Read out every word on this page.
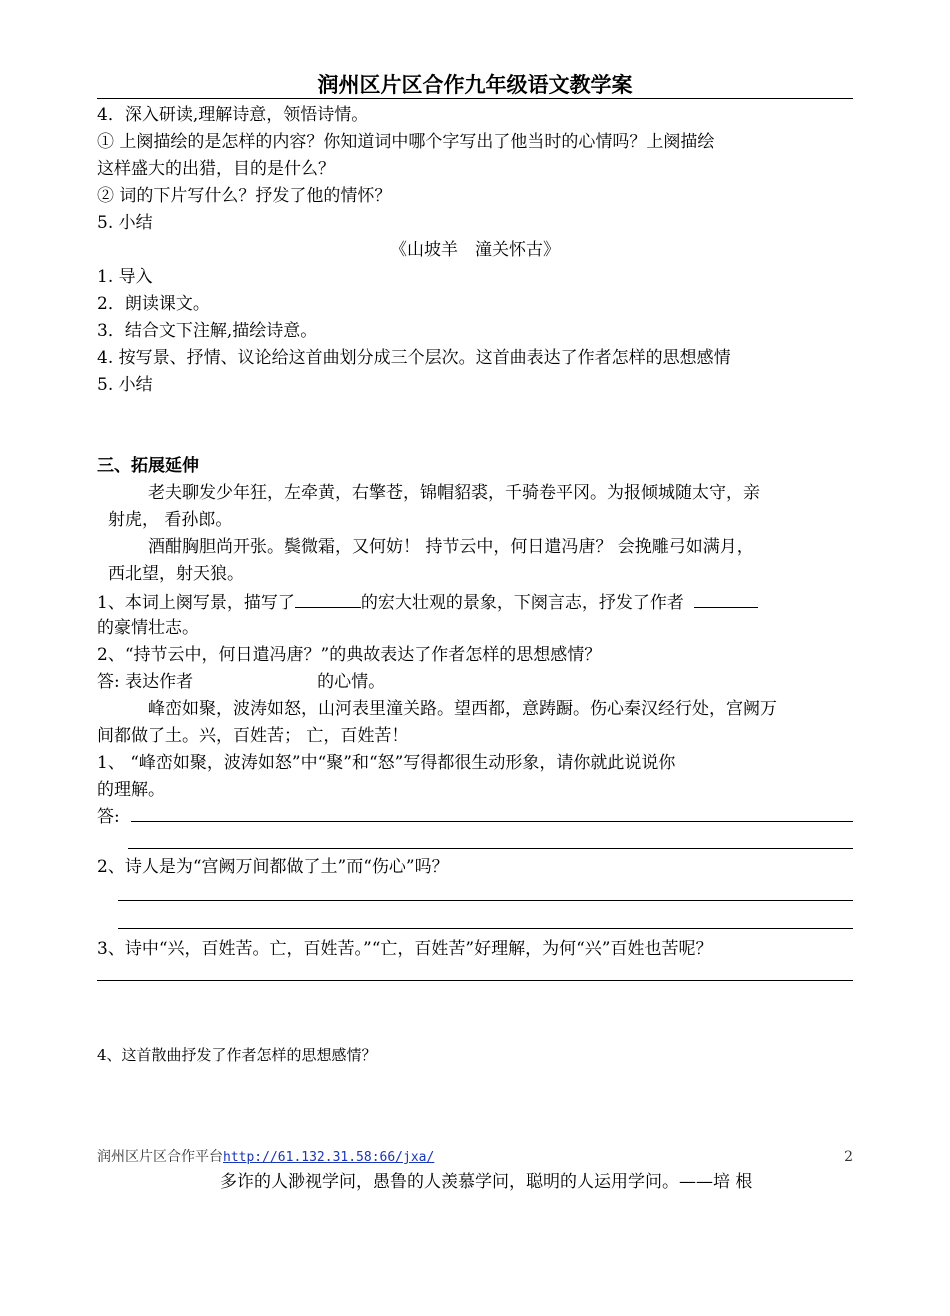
润州区片区合作九年级语文教学案
4．深入研读,理解诗意，领悟诗情。
① 上阕描绘的是怎样的内容？你知道词中哪个字写出了他当时的心情吗？上阕描绘
这样盛大的出猎，目的是什么？
② 词的下片写什么？抒发了他的情怀？
5. 小结
《山坡羊　潼关怀古》
1. 导入
2．朗读课文。
3．结合文下注解,描绘诗意。
4. 按写景、抒情、议论给这首曲划分成三个层次。这首曲表达了作者怎样的思想感情
5. 小结
三、拓展延伸
老夫聊发少年狂，左牵黄，右擎苍，锦帽貂裘，千骑卷平冈。为报倾城随太守，亲
射虎， 看孙郎。
酒酣胸胆尚开张。鬓微霜，又何妨！ 持节云中，何日遣冯唐？ 会挽雕弓如满月，
西北望，射天狼。
1、本词上阕写景，描写了	的宏大壮观的景象，下阕言志，抒发了作者
的豪情壮志。
2、“持节云中，何日遣冯唐？”的典故表达了作者怎样的思想感情？
答: 表达作者	的心情。
峰峦如聚，波涛如怒，山河表里潼关路。望西都，意踌蹰。伤心秦汉经行处，宫阙万
间都做了土。兴，百姓苦； 亡，百姓苦！
1、 “峰峦如聚，波涛如怒”中“聚”和“怒”写得都很生动形象，请你就此说说你
的理解。
答:
2、诗人是为“宫阙万间都做了土”而“伤心”吗？
3、诗中“兴，百姓苦。亡，百姓苦。”“亡，百姓苦”好理解，为何“兴”百姓也苦呢？
4、这首散曲抒发了作者怎样的思想感情？
润州区片区合作平台http://61.132.31.58:66/jxa/	2
多诈的人渺视学问，愚鲁的人羡慕学问，聪明的人运用学问。——培 根
